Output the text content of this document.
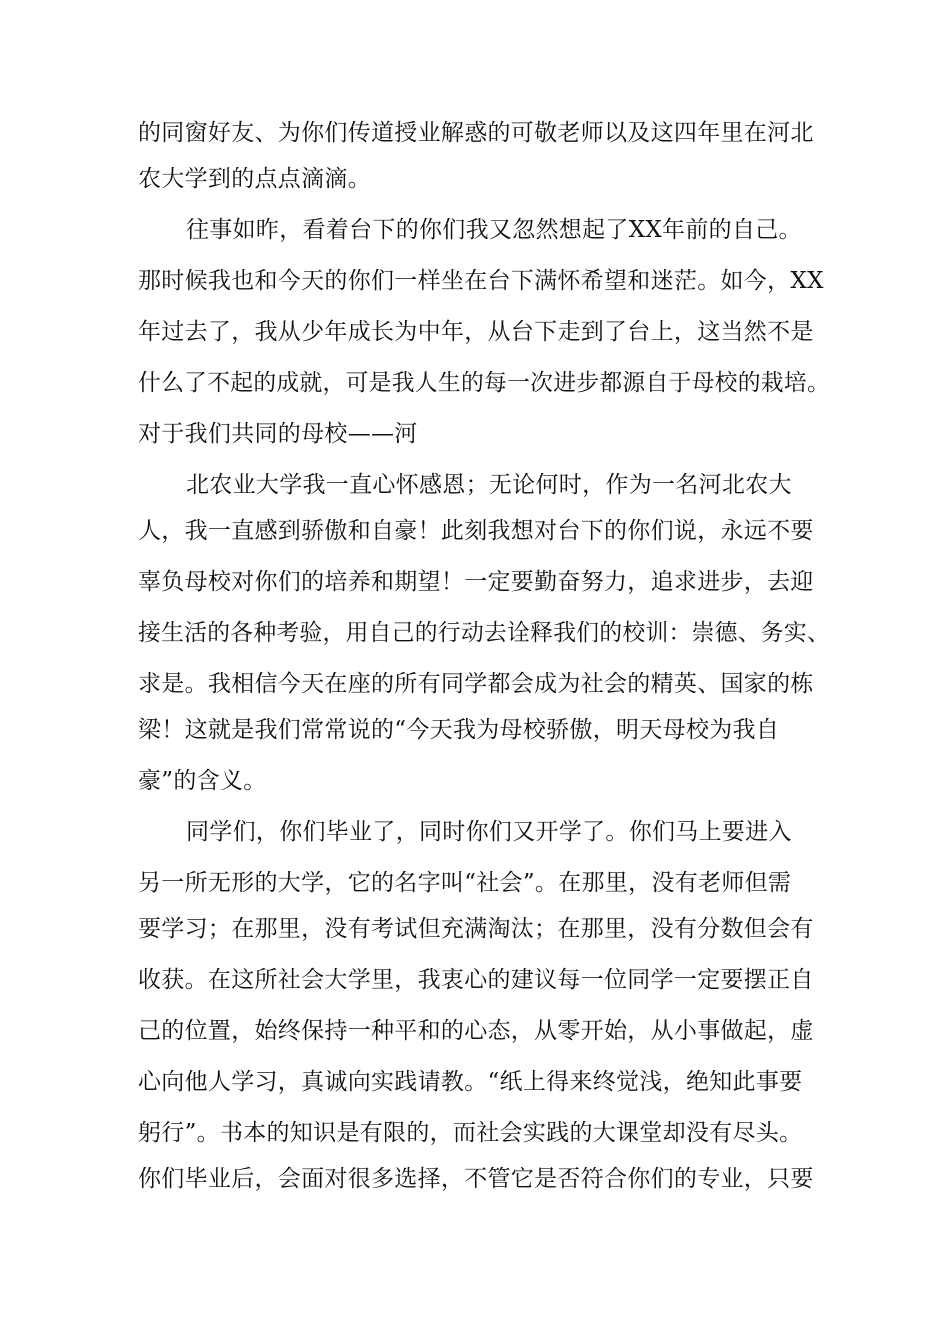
的同窗好友、为你们传道授业解惑的可敬老师以及这四年里在河北
农大学到的点点滴滴。
往事如昨，看着台下的你们我又忽然想起了XX年前的自己。
那时候我也和今天的你们一样坐在台下满怀希望和迷茫。如今，XX
年过去了，我从少年成长为中年，从台下走到了台上，这当然不是
什么了不起的成就，可是我人生的每一次进步都源自于母校的栽培。
对于我们共同的母校——河
北农业大学我一直心怀感恩；无论何时，作为一名河北农大
人，我一直感到骄傲和自豪！此刻我想对台下的你们说，永远不要
辜负母校对你们的培养和期望！一定要勤奋努力，追求进步，去迎
接生活的各种考验，用自己的行动去诠释我们的校训：崇德、务实、
求是。我相信今天在座的所有同学都会成为社会的精英、国家的栋
梁！这就是我们常常说的“今天我为母校骄傲，明天母校为我自
豪”的含义。
同学们，你们毕业了，同时你们又开学了。你们马上要进入
另一所无形的大学，它的名字叫“社会”。在那里，没有老师但需
要学习；在那里，没有考试但充满淘汰；在那里，没有分数但会有
收获。在这所社会大学里，我衷心的建议每一位同学一定要摆正自
己的位置，始终保持一种平和的心态，从零开始，从小事做起，虚
心向他人学习，真诚向实践请教。“纸上得来终觉浅，绝知此事要
躬行”。书本的知识是有限的，而社会实践的大课堂却没有尽头。
你们毕业后，会面对很多选择，不管它是否符合你们的专业，只要
